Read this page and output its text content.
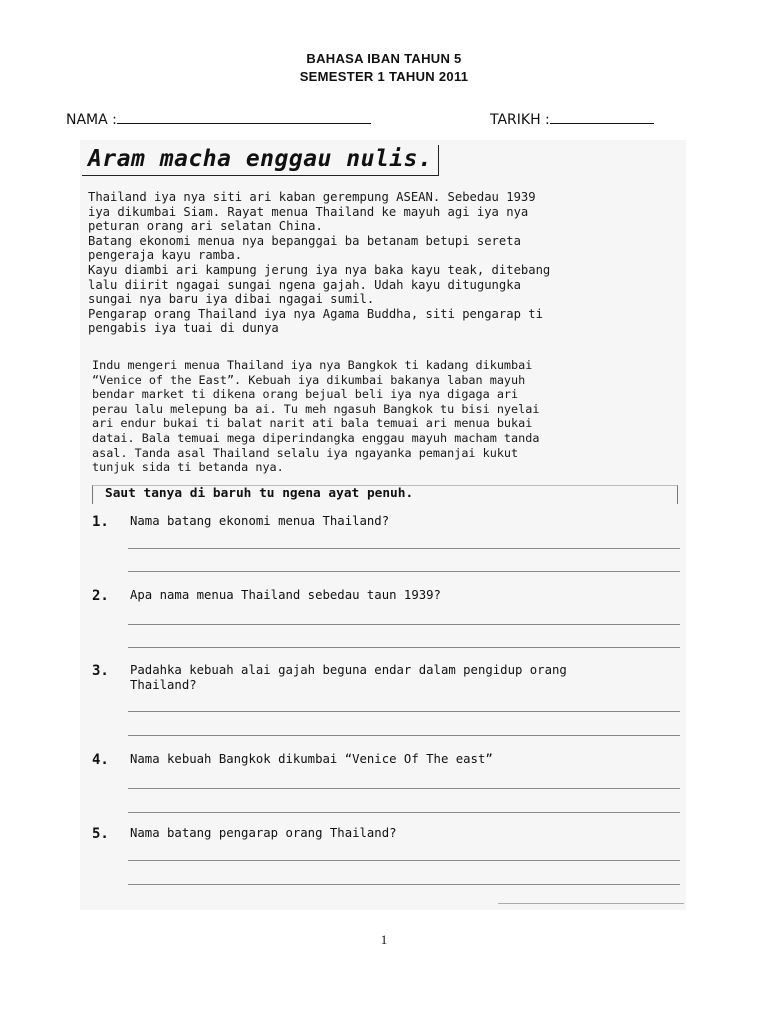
BAHASA IBAN TAHUN 5
SEMESTER 1 TAHUN 2011
NAMA :	TARIKH :
Aram macha enggau nulis.
Thailand iya nya siti ari kaban gerempung ASEAN. Sebedau 1939
iya dikumbai Siam. Rayat menua Thailand ke mayuh agi iya nya
peturan orang ari selatan China.
Batang ekonomi menua nya bepanggai ba betanam betupi sereta
pengeraja kayu ramba.
Kayu diambi ari kampung jerung iya nya baka kayu teak, ditebang
lalu diirit ngagai sungai ngena gajah. Udah kayu ditugungka
sungai nya baru iya dibai ngagai sumil.
Pengarap orang Thailand iya nya Agama Buddha, siti pengarap ti
pengabis iya tuai di dunya
Indu mengeri menua Thailand iya nya Bangkok ti kadang dikumbai
“Venice of the East”. Kebuah iya dikumbai bakanya laban mayuh
bendar market ti dikena orang bejual beli iya nya digaga ari
perau lalu melepung ba ai. Tu meh ngasuh Bangkok tu bisi nyelai
ari endur bukai ti balat narit ati bala temuai ari menua bukai
datai. Bala temuai mega diperindangka enggau mayuh macham tanda
asal. Tanda asal Thailand selalu iya ngayanka pemanjai kukut
tunjuk sida ti betanda nya.
Saut tanya di baruh tu ngena ayat penuh.
1. Nama batang ekonomi menua Thailand?
2. Apa nama menua Thailand sebedau taun 1939?
3. Padahka kebuah alai gajah beguna endar dalam pengidup orang
Thailand?
4. Nama kebuah Bangkok dikumbai “Venice Of The east”
5. Nama batang pengarap orang Thailand?
1
